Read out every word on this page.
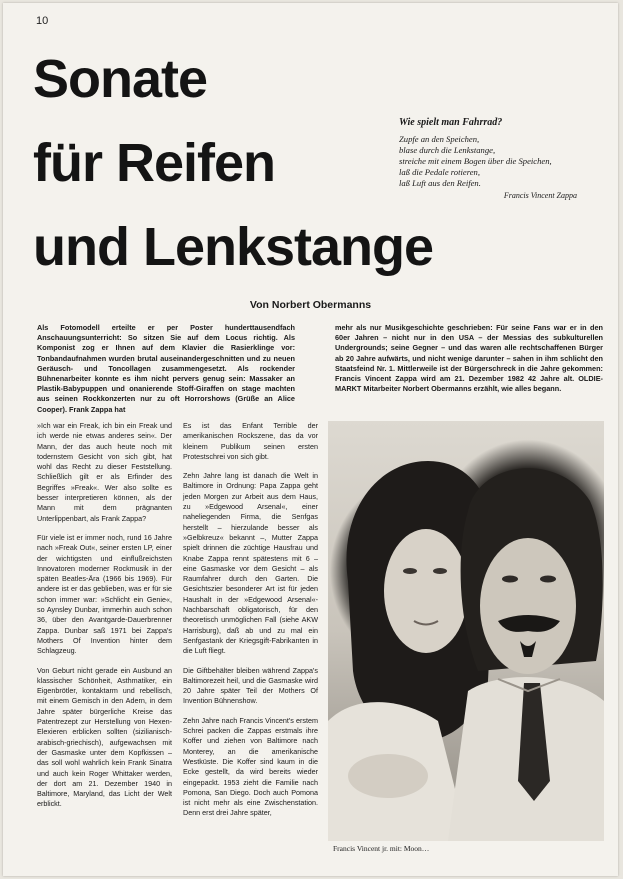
10
Sonate
für Reifen
und Lenkstange

Wie spielt man Fahrrad?

Zupfe an den Speichen,
blase durch die Lenkstange,
streiche mit einem Bogen über die Speichen,
laß die Pedale rotieren,
laß Luft aus den Reifen.
Francis Vincent Zappa
Von Norbert Obermanns

Als Fotomodell erteilte er per Poster hunderttausendfach Anschauungsunterricht: So sitzen Sie auf dem Locus richtig. Als Komponist zog er Ihnen auf dem Klavier die Rasierklinge vor: Tonbandaufnahmen wurden brutal auseinandergeschnitten und zu neuen Geräusch- und Toncollagen zusammengesetzt. Als rockender Bühnenarbeiter konnte es ihm nicht pervers genug sein: Massaker an Plastik-Babypuppen und onanierende Stoff-Giraffen on stage machten aus seinen Rockkonzerten nur zu oft Horrorshows (Grüße an Alice Cooper). Frank Zappa hat

mehr als nur Musikgeschichte geschrieben: Für seine Fans war er in den 60er Jahren – nicht nur in den USA – der Messias des subkulturellen Undergrounds; seine Gegner – und das waren alle rechtschaffenen Bürger ab 20 Jahre aufwärts, und nicht wenige darunter – sahen in ihm schlicht den Staatsfeind Nr. 1. Mittlerweile ist der Bürgerschreck in die Jahre gekommen: Francis Vincent Zappa wird am 21. Dezember 1982 42 Jahre alt. OLDIE-MARKT Mitarbeiter Norbert Obermanns erzählt, wie alles begann.

»Ich war ein Freak, ich bin ein Freak und ich werde nie etwas anderes sein«. Der Mann, der das auch heute noch mit todernstem Gesicht von sich gibt, hat wohl das Recht zu dieser Feststellung. Schließlich gilt er als Erfinder des Begriffes »Freak«. Wer also sollte es besser interpretieren können, als der Mann mit dem prägnanten Unterlippenbart, als Frank Zappa?

Für viele ist er immer noch, rund 16 Jahre nach »Freak Out«, seiner ersten LP, einer der wichtigsten und einflußreichsten Innovatoren moderner Rockmusik in der späten Beatles-Ära (1966 bis 1969). Für andere ist er das geblieben, was er für sie schon immer war: »Schlicht ein Genie«, so Aynsley Dunbar, immerhin auch schon 36, über den Avantgarde-Dauerbrenner Zappa. Dunbar saß 1971 bei Zappa's Mothers Of Invention hinter dem Schlagzeug.

Von Geburt nicht gerade ein Ausbund an klassischer Schönheit, Asthmatiker, ein Eigenbrötler, kontaktarm und rebellisch, mit einem Gemisch in den Adern, in dem Jahre später bürgerliche Kreise das Patentrezept zur Herstellung von Hexen-Elexieren erblicken sollten (sizilianisch-arabisch-griechisch), aufgewachsen mit der Gasmaske unter dem Kopfkissen – das soll wohl wahrlich kein Frank Sinatra und auch kein Roger Whittaker werden, der dort am 21. Dezember 1940 in Baltimore, Maryland, das Licht der Welt erblickt.

Es ist das Enfant Terrible der amerikanischen Rockszene, das da vor kleinem Publikum seinen ersten Protestschrei von sich gibt.

Zehn Jahre lang ist danach die Welt in Baltimore in Ordnung: Papa Zappa geht jeden Morgen zur Arbeit aus dem Haus, zu »Edgewood Arsenal«, einer naheliegenden Firma, die Senfgas herstellt – hierzulande besser als »Gelbkreuz« bekannt –, Mutter Zappa spielt drinnen die züchtige Hausfrau und Knabe Zappa rennt spätestens mit 6 – eine Gasmaske vor dem Gesicht – als Raumfahrer durch den Garten. Die Gesichtszier besonderer Art ist für jeden Haushalt in der »Edgewood Arsenal«-Nachbarschaft obligatorisch, für den theoretisch unmöglichen Fall (siehe AKW Harrisburg), daß ab und zu mal ein Senfgastank der Kriegsgift-Fabrikanten in die Luft fliegt.

Die Giftbehälter bleiben während Zappa's Baltimorezeit heil, und die Gasmaske wird 20 Jahre später Teil der Mothers Of Invention Bühnenshow.

Zehn Jahre nach Francis Vincent's erstem Schrei packen die Zappas erstmals ihre Koffer und ziehen von Baltimore nach Monterey, an die amerikanische Westküste. Die Koffer sind kaum in die Ecke gestellt, da wird bereits wieder eingepackt. 1953 zieht die Familie nach Pomona, San Diego. Doch auch Pomona ist nicht mehr als eine Zwischenstation. Denn erst drei Jahre später,

Francis Vincent jr. mit: Moon…
